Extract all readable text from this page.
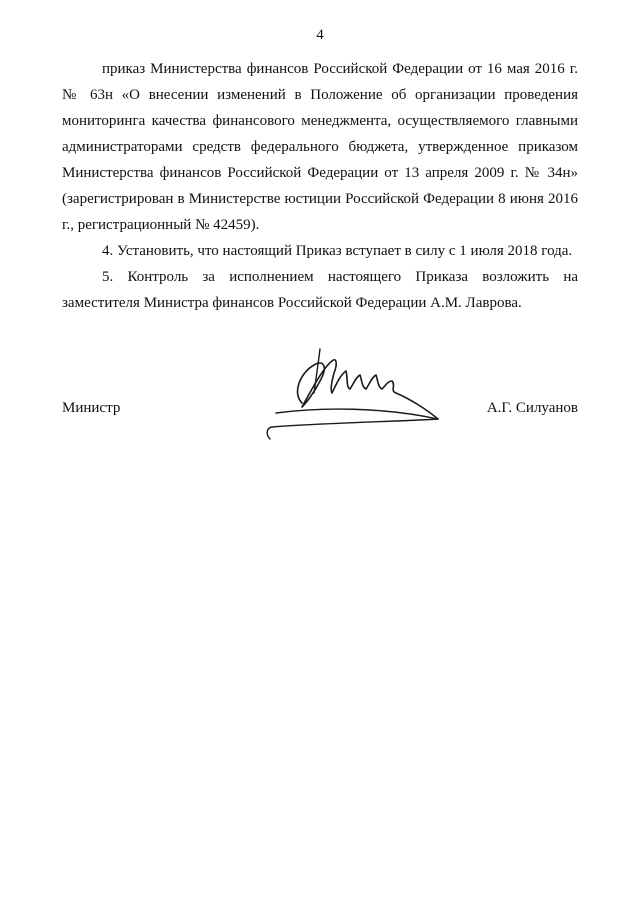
4

приказ Министерства финансов Российской Федерации от 16 мая 2016 г. № 63н «О внесении изменений в Положение об организации проведения мониторинга качества финансового менеджмента, осуществляемого главными администраторами средств федерального бюджета, утвержденное приказом Министерства финансов Российской Федерации от 13 апреля 2009 г. № 34н» (зарегистрирован в Министерстве юстиции Российской Федерации 8 июня 2016 г., регистрационный № 42459).

4. Установить, что настоящий Приказ вступает в силу с 1 июля 2018 года.

5. Контроль за исполнением настоящего Приказа возложить на заместителя Министра финансов Российской Федерации А.М. Лаврова.

Министр	А.Г. Силуанов
